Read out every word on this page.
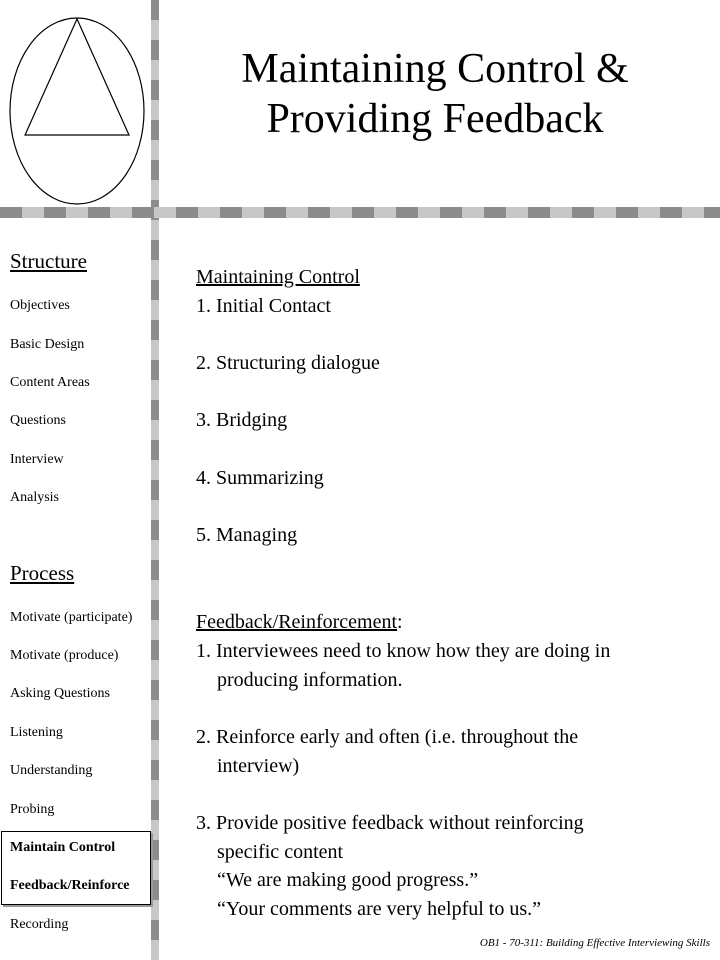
Maintaining Control &
Providing Feedback
Structure
Objectives
Basic Design
Content Areas
Questions
Interview
Analysis
Process
Motivate (participate)
Motivate (produce)
Asking Questions
Listening
Understanding
Probing
Maintain Control
Feedback/Reinforce
Recording
Maintaining Control
1. Initial Contact
2. Structuring dialogue
3. Bridging
4. Summarizing
5. Managing
Feedback/Reinforcement:
1. Interviewees need to know how they are doing in
producing information.
2. Reinforce early and often (i.e. throughout the
interview)
3. Provide positive feedback without reinforcing
specific content
“We are making good progress.”
“Your comments are very helpful to us.”
OB1 - 70-311: Building Effective Interviewing Skills
